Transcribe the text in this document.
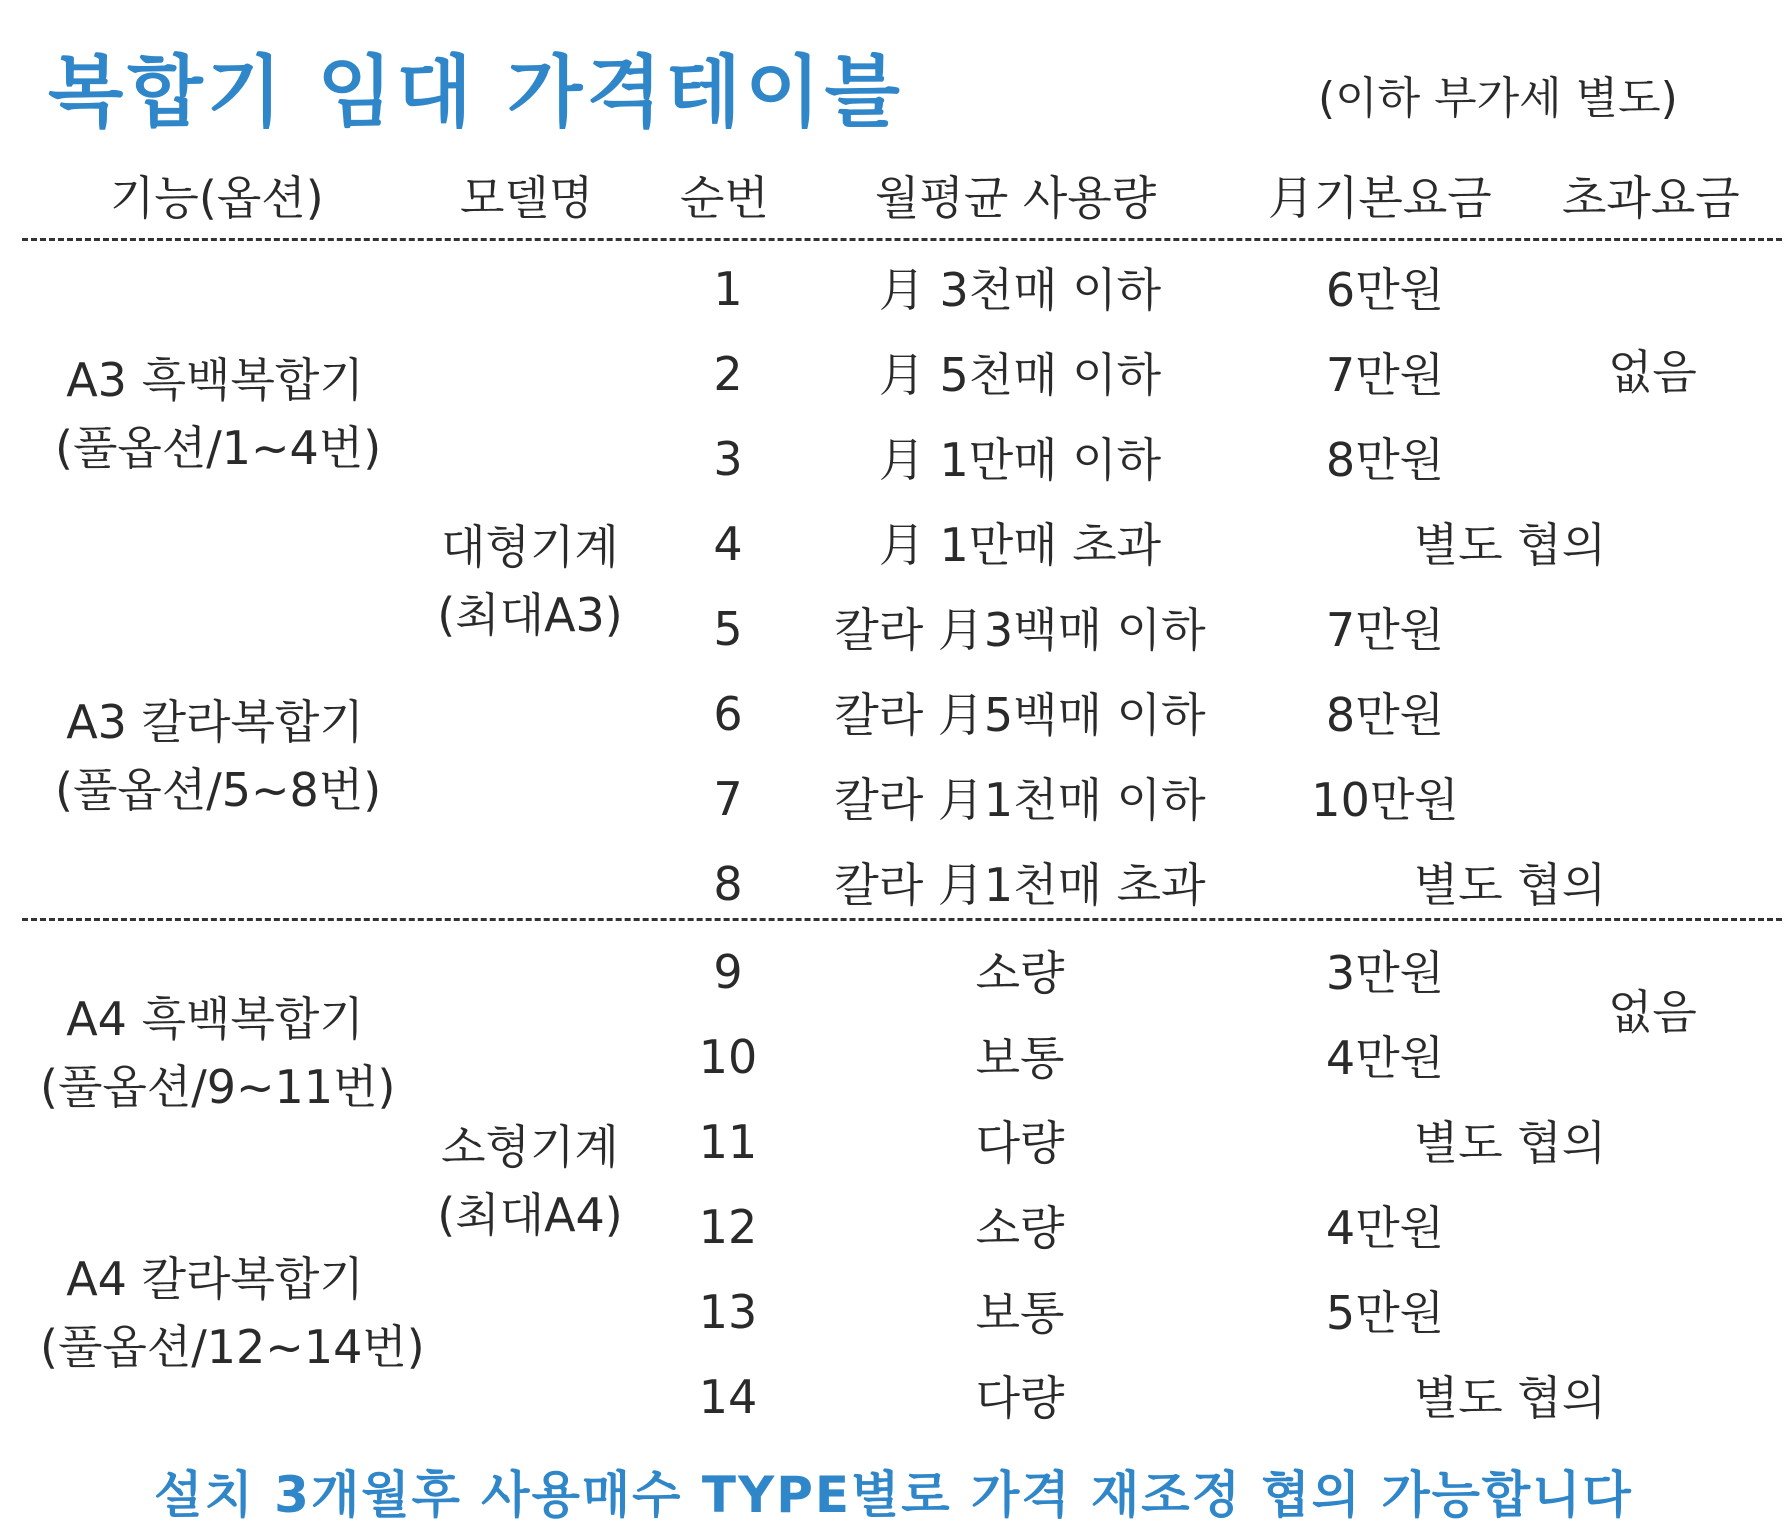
복합기 임대 가격테이블	(이하 부가세 별도)
기능(옵션)	모델명 순번 월평균 사용량 月기본요금 초과요금
A3 흑백복합기
(풀옵션/1~4번)
A3 칼라복합기
(풀옵션/5~8번)
A4 흑백복합기
(풀옵션/9~11번)
A4 칼라복합기
(풀옵션/12~14번)
대형기계
(최대A3)
소형기계
(최대A4)
1
2
3
4
5
6
7
8
9
10
11
12
13
14
月 3천매 이하
月 5천매 이하
月 1만매 이하
月 1만매 초과
칼라 月3백매 이하
칼라 月5백매 이하
칼라 月1천매 이하
칼라 月1천매 초과
소량
보통
다량
소량
보통
다량
6만원
7만원
8만원
별도 협의
7만원
8만원
10만원
별도 협의
3만원
4만원
별도 협의
4만원
5만원
별도 협의
없음
없음
설치 3개월후 사용매수 TYPE별로 가격 재조정 협의 가능합니다
